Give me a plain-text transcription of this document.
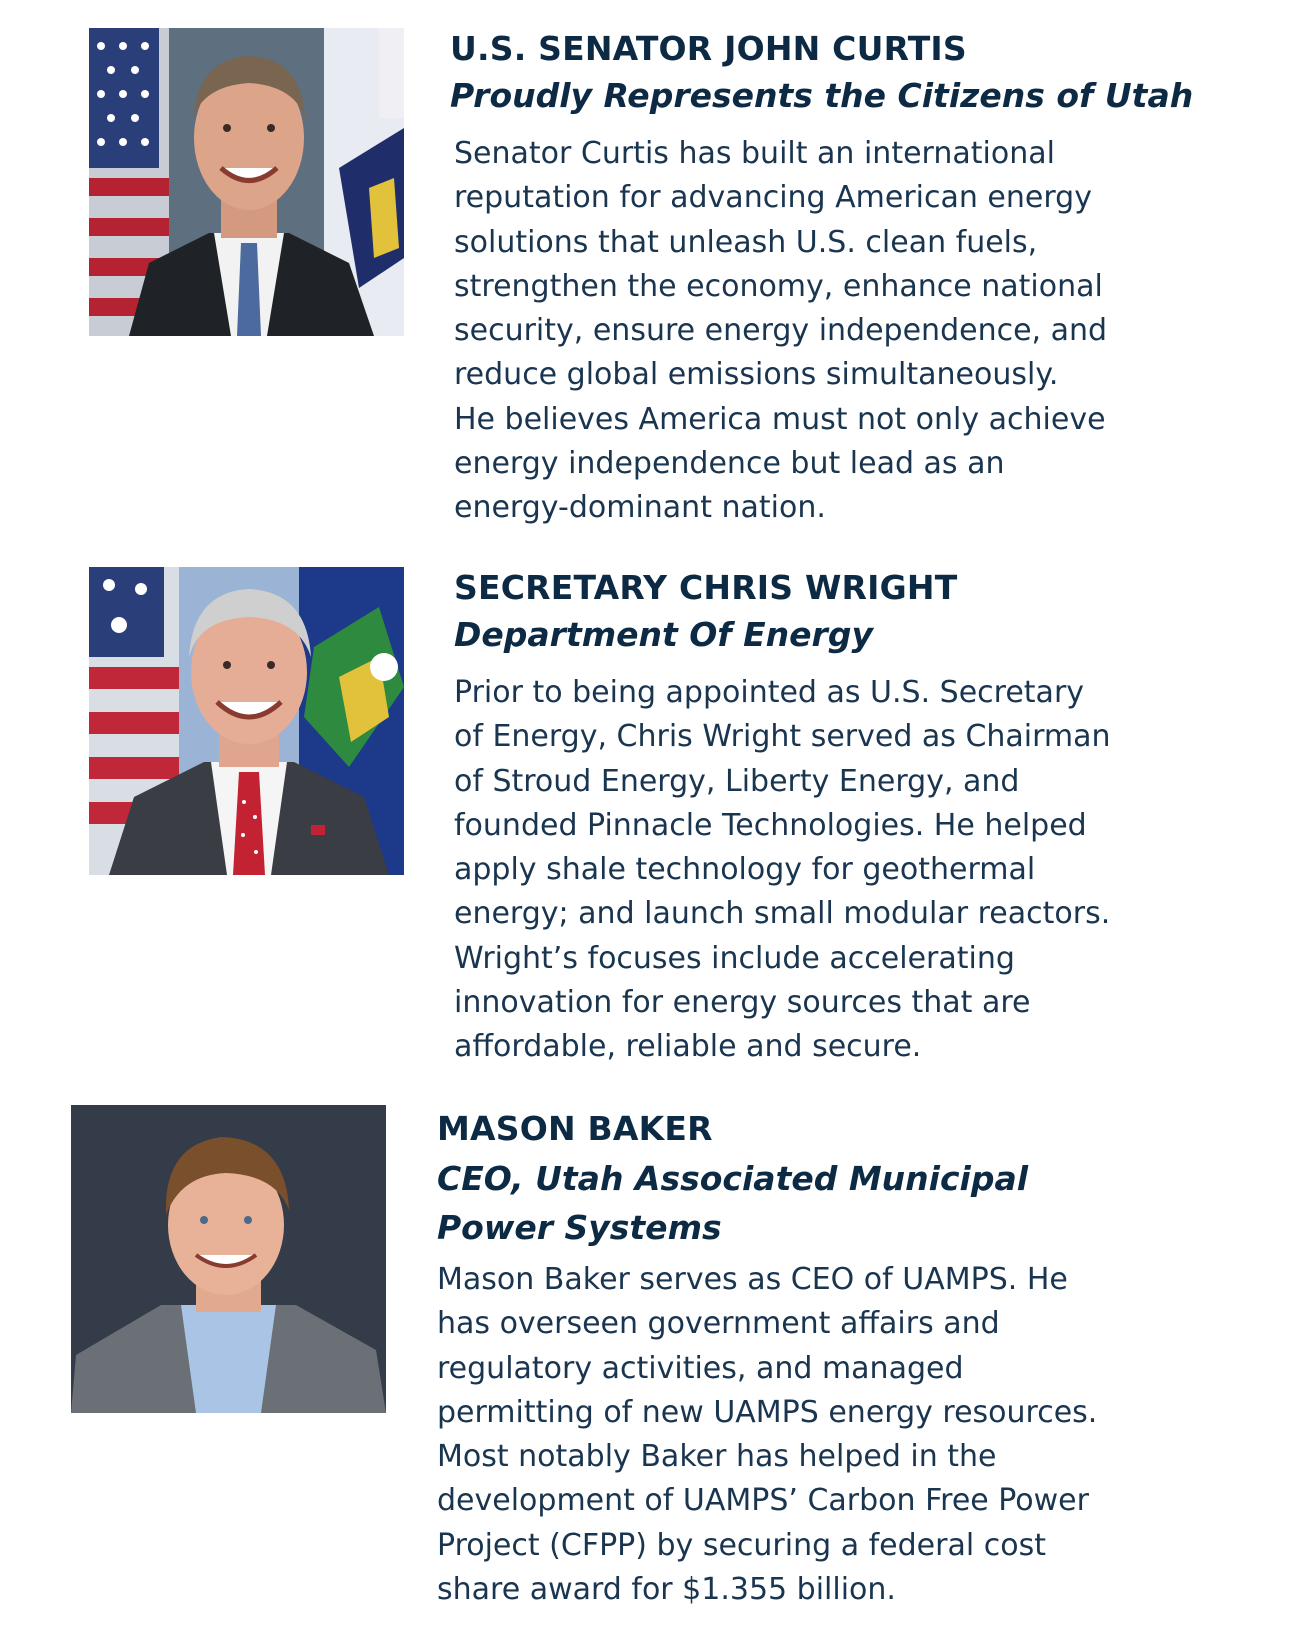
U.S. SENATOR JOHN CURTIS
Proudly Represents the Citizens of Utah
Senator Curtis has built an international
reputation for advancing American energy
solutions that unleash U.S. clean fuels,
strengthen the economy, enhance national
security, ensure energy independence, and
reduce global emissions simultaneously.
He believes America must not only achieve
energy independence but lead as an
energy-dominant nation.
SECRETARY CHRIS WRIGHT
Department Of Energy
Prior to being appointed as U.S. Secretary
of Energy, Chris Wright served as Chairman
of Stroud Energy, Liberty Energy, and
founded Pinnacle Technologies. He helped
apply shale technology for geothermal
energy; and launch small modular reactors.
Wright’s focuses include accelerating
innovation for energy sources that are
affordable, reliable and secure.
MASON BAKER
CEO, Utah Associated Municipal
Power Systems
Mason Baker serves as CEO of UAMPS. He
has overseen government affairs and
regulatory activities, and managed
permitting of new UAMPS energy resources.
Most notably Baker has helped in the
development of UAMPS’ Carbon Free Power
Project (CFPP) by securing a federal cost
share award for $1.355 billion.
